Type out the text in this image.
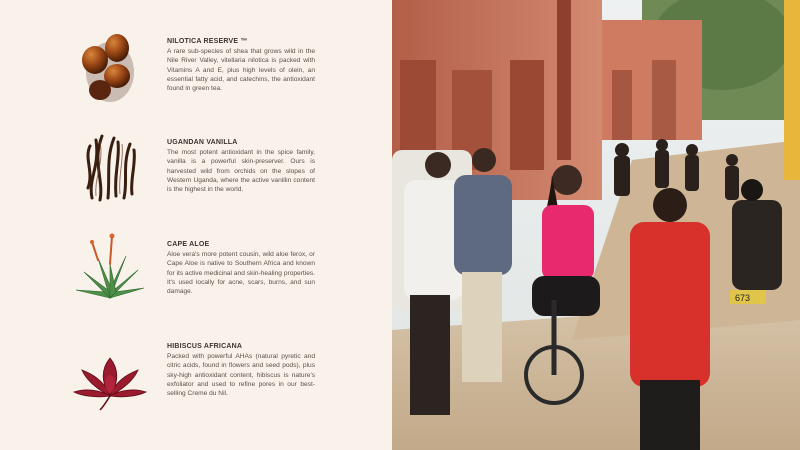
NILOTICA RESERVE ™

A rare sub-species of shea that grows wild in the Nile River Valley, vitellaria nilotica is packed with Vitamins A and E, plus high levels of olein, an essential fatty acid, and catechins, the antioxidant found in green tea.

UGANDAN VANILLA

The most potent antioxidant in the spice family, vanilla is a powerful skin-preserver. Ours is harvested wild from orchids on the slopes of Western Uganda, where the active vanillin content is the highest in the world.

CAPE ALOE

Aloe vera's more potent cousin, wild aloe ferox, or Cape Aloe is native to Southern Africa and known for its active medicinal and skin-healing properties. It's used locally for acne, scars, burns, and sun damage.

HIBISCUS AFRICANA

Packed with powerful AHAs (natural pyretic and citric acids, found in flowers and seed pods), plus sky-high antioxidant content, hibiscus is nature's exfoliator and used to refine pores in our best-selling Creme du Nil.

673
